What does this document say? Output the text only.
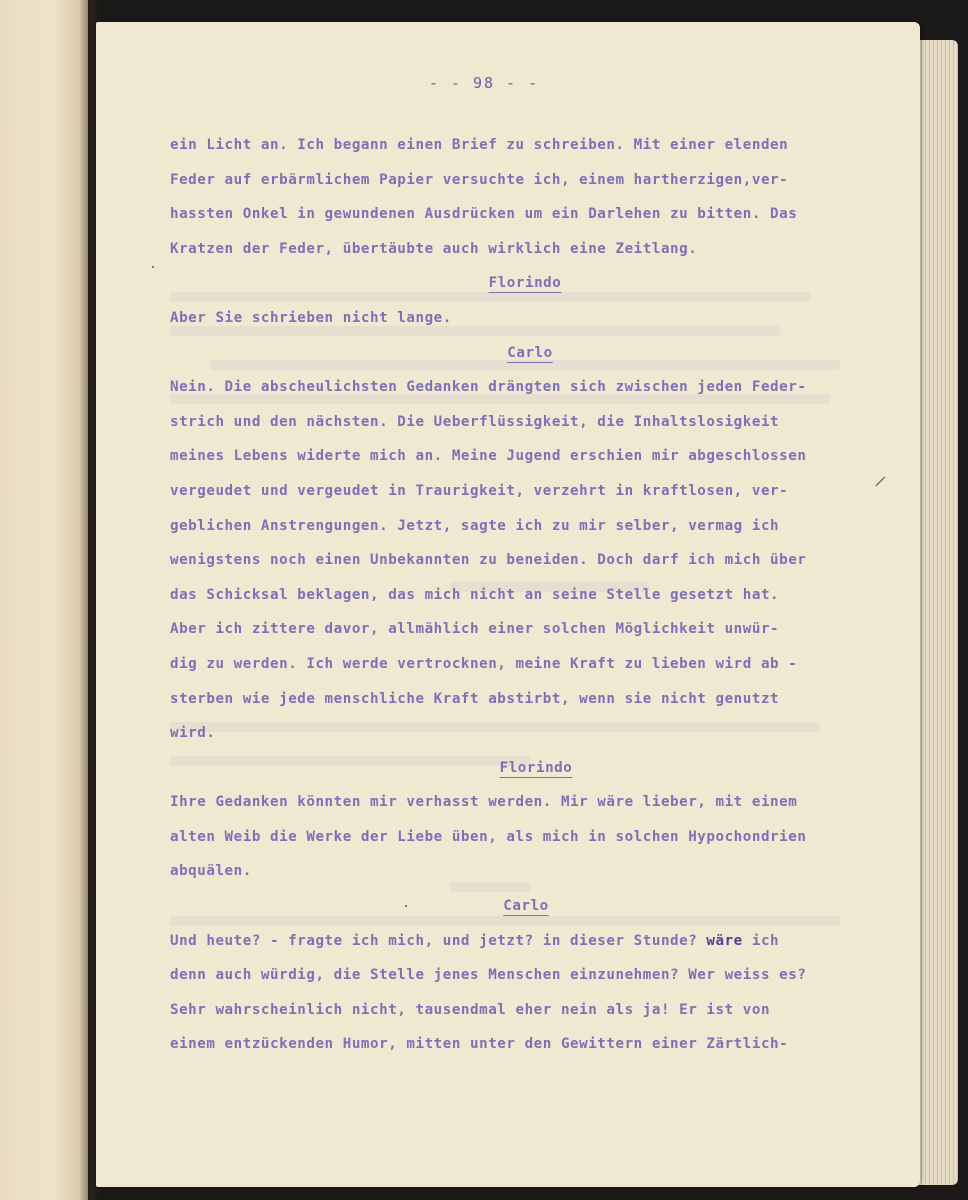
- - 98 - -
ein Licht an. Ich begann einen Brief zu schreiben. Mit einer elenden
Feder auf erbärmlichem Papier versuchte ich, einem hartherzigen,ver-
hassten Onkel in gewundenen Ausdrücken um ein Darlehen zu bitten. Das
Kratzen der Feder, übertäubte auch wirklich eine Zeitlang.
Florindo
Aber Sie schrieben nicht lange.
Carlo
Nein. Die abscheulichsten Gedanken drängten sich zwischen jeden Feder-
strich und den nächsten. Die Ueberflüssigkeit, die Inhaltslosigkeit
meines Lebens widerte mich an. Meine Jugend erschien mir abgeschlossen
vergeudet und vergeudet in Traurigkeit, verzehrt in kraftlosen, ver-
geblichen Anstrengungen. Jetzt, sagte ich zu mir selber, vermag ich
wenigstens noch einen Unbekannten zu beneiden. Doch darf ich mich über
das Schicksal beklagen, das mich nicht an seine Stelle gesetzt hat.
Aber ich zittere davor, allmählich einer solchen Möglichkeit unwür-
dig zu werden. Ich werde vertrocknen, meine Kraft zu lieben wird ab -
sterben wie jede menschliche Kraft abstirbt, wenn sie nicht genutzt
wird.
Florindo
Ihre Gedanken könnten mir verhasst werden. Mir wäre lieber, mit einem
alten Weib die Werke der Liebe üben, als mich in solchen Hypochondrien
abquälen.
Carlo
Und heute? - fragte ich mich, und jetzt? in dieser Stunde? wäre ich
denn auch würdig, die Stelle jenes Menschen einzunehmen? Wer weiss es?
Sehr wahrscheinlich nicht, tausendmal eher nein als ja! Er ist von
einem entzückenden Humor, mitten unter den Gewittern einer Zärtlich-
/
